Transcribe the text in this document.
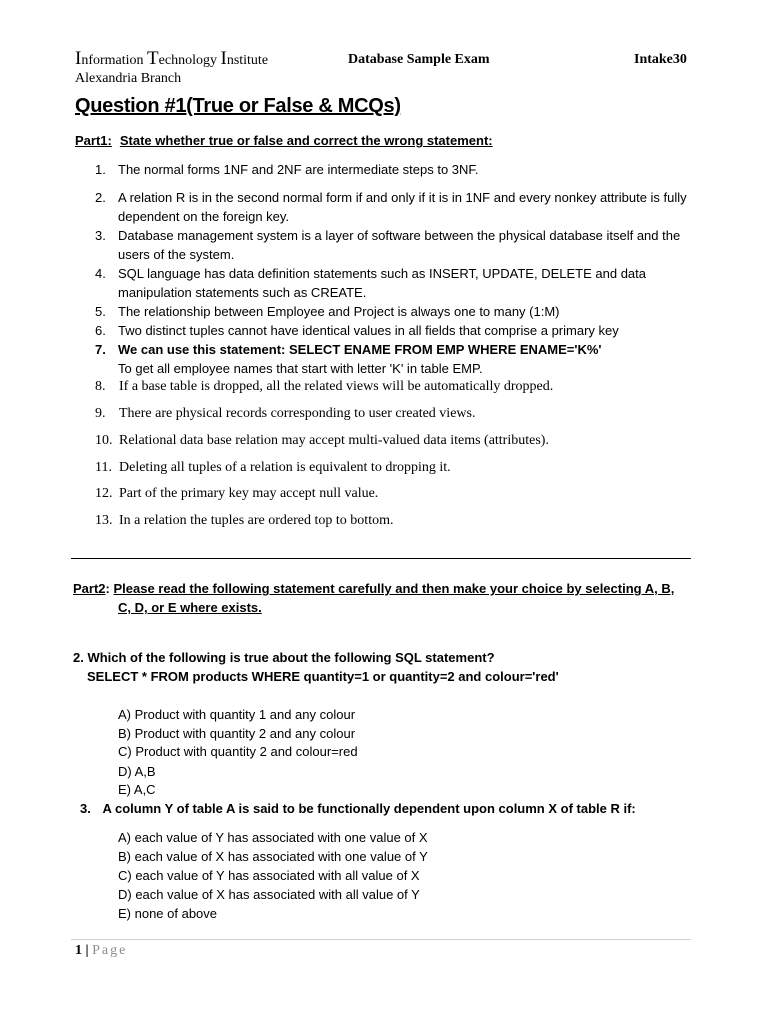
Information Technology Institute
Alexandria Branch
Database Sample Exam	Intake30
Question #1(True or False & MCQs)
Part1: State whether true or false and correct the wrong statement:
1. The normal forms 1NF and 2NF are intermediate steps to 3NF.
2. A relation R is in the second normal form if and only if it is in 1NF and every nonkey attribute is fully dependent on the foreign key.
3. Database management system is a layer of software between the physical database itself and the users of the system.
4. SQL language has data definition statements such as INSERT, UPDATE, DELETE and data manipulation statements such as CREATE.
5. The relationship between Employee and Project is always one to many (1:M)
6. Two distinct tuples cannot have identical values in all fields that comprise a primary key
7. We can use this statement: SELECT ENAME FROM EMP WHERE ENAME='K%'
To get all employee names that start with letter 'K' in table EMP.
8. If a base table is dropped, all the related views will be automatically dropped.
9. There are physical records corresponding to user created views.
10. Relational data base relation may accept multi-valued data items (attributes).
11. Deleting all tuples of a relation is equivalent to dropping it.
12. Part of the primary key may accept null value.
13. In a relation the tuples are ordered top to bottom.
Part2: Please read the following statement carefully and then make your choice by selecting A, B,
C, D, or E where exists.
2. Which of the following is true about the following SQL statement?
SELECT * FROM products WHERE quantity=1 or quantity=2 and colour='red'
A) Product with quantity 1 and any colour
B) Product with quantity 2 and any colour
C) Product with quantity 2 and colour=red
D) A,B
E) A,C
3. A column Y of table A is said to be functionally dependent upon column X of table R if:
A) each value of Y has associated with one value of X
B) each value of X has associated with one value of Y
C) each value of Y has associated with all value of X
D) each value of X has associated with all value of Y
E) none of above
1 | Page
